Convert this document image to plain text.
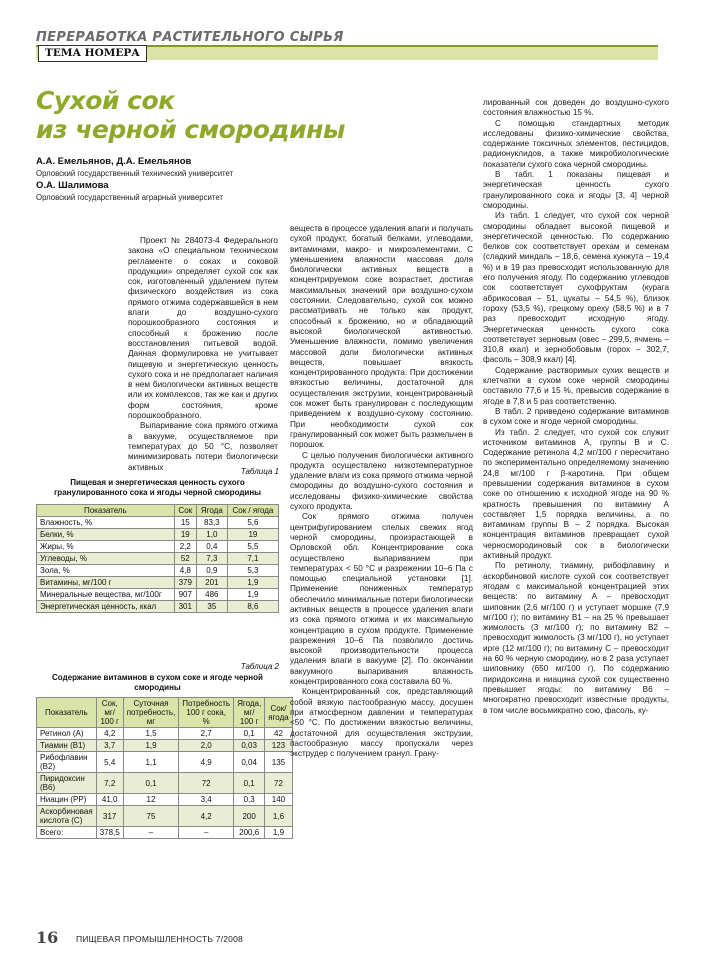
ПЕРЕРАБОТКА РАСТИТЕЛЬНОГО СЫРЬЯ
ТЕМА НОМЕРА
Сухой сок
из черной смородины
А.А. Емельянов, Д.А. Емельянов
Орловский государственный технический университет
О.А. Шалимова
Орловский государственный аграрный университет

Проект № 284073-4 Федерального закона «О специальном техническом регламенте о соках и соковой продукции» определяет сухой сок как сок, изготовленный удалением путем физического воздействия из сока прямого отжима содержавшейся в нем влаги до воздушно-сухого порошкообразного состояния и способный к брожению после восстановления питьевой водой. Данная формулировка не учитывает пищевую и энергетическую ценность сухого сока и не предполагает наличия в нем биологически активных веществ или их комплексов, так же как и других форм состояния, кроме порошкообразного.

Выпаривание сока прямого отжима в вакууме, осуществляемое при температурах до 50 °С, позволяет минимизировать потери биологически активных	Таблица 1
Пищевая и энергетическая ценность сухого гранулированного сока и ягоды черной смородины
Показатель	Сок	Ягода	Сок / ягода
Влажность, %	15	83,3	5,6
Белки, %	19	1,0	19
Жиры, %	2,2	0,4	5,5
Углеводы, %	52	7,3	7,1
Зола, %	4,8	0,9	5,3
Витамины, мг/100 г	379	201	1,9
Минеральные вещества, мг/100г	907	486	1,9
Энергетическая ценность, ккал	301	35	8,6
Таблица 2
Содержание витаминов в сухом соке и ягоде черной смородины
Показатель	Сок, мг/ 100 г	Суточная потребность, мг	Потребность 100 г сока, %	Ягода, мг/ 100 г	Сок/ ягода
Ретинол (А)	4,2	1,5	2,7	0,1	42
Тиамин (B1)	3,7	1,9	2,0	0,03	123
Рибофлавин (B2)	5,4	1,1	4,9	0,04	135
Пиридоксин (B6)	7,2	0,1	72	0,1	72
Ниацин (PP)	41,0	12	3,4	0,3	140
Аскорбиновая кислота (С)	317	75	4,2	200	1,6
Всего:	378,5	–	–	200,6	1,9

веществ в процессе удаления влаги и получать сухой продукт, богатый белками, углеводами, витаминами, макро- и микроэлементами. С уменьшением влажности массовая доля биологически активных веществ в концентрируемом соке возрастает, достигая максимальных значений при воздушно-сухом состоянии. Следовательно, сухой сок можно рассматривать не только как продукт, способный к брожению, но и обладающий высокой биологической активностью. Уменьшение влажности, помимо увеличения массовой доли биологически активных веществ, повышает вязкость концентрированного продукта. При достижении вязкостью величины, достаточной для осуществления экструзии, концентрированный сок может быть гранулирован с последующим приведением к воздушно-сухому состоянию. При необходимости сухой сок гранулированный сок может быть размельчен в порошок.

С целью получения биологически активного продукта осуществлено низкотемпературное удаление влаги из сока прямого отжима черной смородины до воздушно-сухого состояния и исследованы физико-химические свойства сухого продукта.

Сок прямого отжима получен центрифугированием спелых свежих ягод черной смородины, произрастающей в Орловской обл. Концентрирование сока осуществлено выпариванием при температурах < 50 °С и разрежении 10–6 Па с помощью специальной установки [1]. Применение пониженных температур обеспечило минимальные потери биологически активных веществ в процессе удаления влаги из сока прямого отжима и их максимальную концентрацию в сухом продукте. Применение разрежения 10–6 Па позволило достичь высокой производительности процесса удаления влаги в вакууме [2]. По окончании вакуумного выпаривания влажность концентрированного сока составила 60 %.

Концентрированный сок, представляющий собой вязкую пастообразную массу, досушен при атмосферном давлении и температурах <50 °С. По достижении вязкостью величины, достаточной для осуществления экструзии, пастообразную массу пропускали через экструдер с получением гранул. Грану-

лированный сок доведен до воздушно-сухого состояния влажностью 15 %.

С помощью стандартных методик исследованы физико-химические свойства, содержание токсичных элементов, пестицидов, радионуклидов, а также микробиологические показатели сухого сока черной смородины.

В табл. 1 показаны пищевая и энергетическая ценность сухого гранулированного сока и ягоды [3, 4] черной смородины.

Из табл. 1 следует, что сухой сок черной смородины обладает высокой пищевой и энергетической ценностью. По содержанию белков сок соответствует орехам и семенам (сладкий миндаль – 18,6, семена кунжута – 19,4 %) и в 19 раз превосходит использованную для его получения ягоду. По содержанию углеводов сок соответствует сухофруктам (курага абрикосовая – 51, цукаты – 54,5 %), близок гороху (53,5 %), грецкому ореху (58,5 %) и в 7 раз превосходит исходную ягоду. Энергетическая ценность сухого сока соответствует зерновым (овес – 299,5, ячмень – 310,8 ккал) и зернобобовым (горох – 302,7, фасоль – 308,9 ккал) [4].

Содержание растворимых сухих веществ и клетчатки в сухом соке черной смородины составило 77,6 и 15 %, превысив содержание в ягоде в 7,8 и 5 раз соответственно.

В табл. 2 приведено содержание витаминов в сухом соке и ягоде черной смородины.

Из табл. 2 следует, что сухой сок служит источником витаминов А, группы В и С. Содержание ретинола 4,2 мг/100 г пересчитано по экспериментально определяемому значению 24,8 мг/100 г β-каротина. При общем превышении содержания витаминов в сухом соке по отношению к исходной ягоде на 90 % кратность превышения по витамину А составляет 1,5 порядка величины, а по витаминам группы В – 2 порядка. Высокая концентрация витаминов превращает сухой черносмородиновый сок в биологически активный продукт.

По ретинолу, тиамину, рибофлавину и аскорбиновой кислоте сухой сок соответствует ягодам с максимальной концентрацией этих веществ: по витамину А – превосходит шиповник (2,6 мг/100 г) и уступает моршке (7,9 мг/100 г); по витамину B1 – на 25 % превышает жимолость (3 мг/100 г); по витамину B2 – превосходит жимолость (3 мг/100 г), но уступает ирге (12 мг/100 г); по витамину С – превосходит на 60 % черную смородину, но в 2 раза уступает шиповнику (650 мг/100 г). По содержанию пиридоксина и ниацина сухой сок существенно превышает ягоды: по витамину B6 – многократно превосходит известные продукты, в том числе восьмикратно сою, фасоль, ку-

16 ПИЩЕВАЯ ПРОМЫШЛЕННОСТЬ 7/2008
